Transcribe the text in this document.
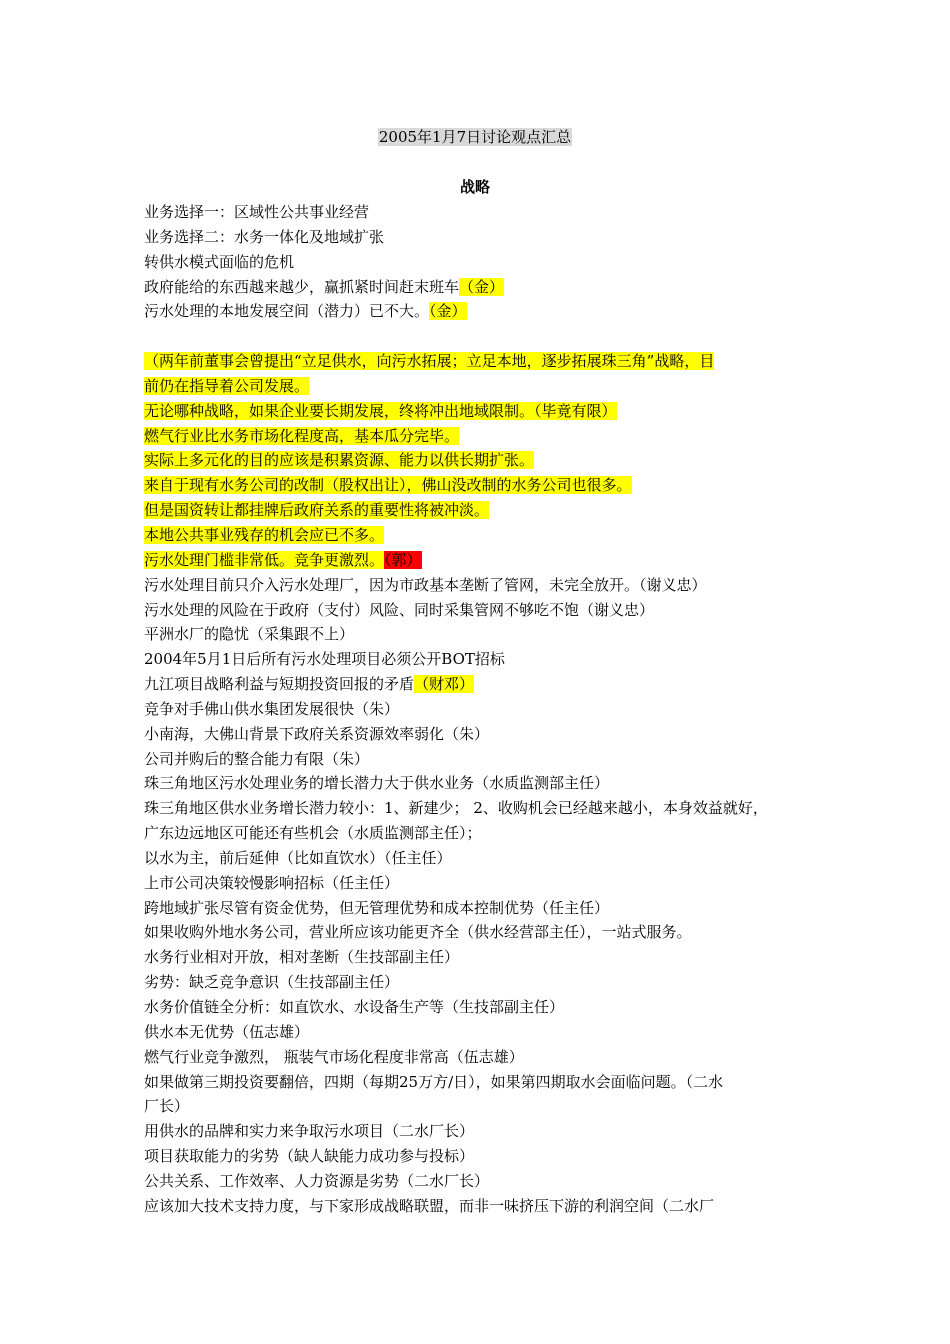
2005年1月7日讨论观点汇总
战略
业务选择一：区域性公共事业经营
业务选择二：水务一体化及地域扩张
转供水模式面临的危机
政府能给的东西越来越少，赢抓紧时间赶末班车（金）
污水处理的本地发展空间（潜力）已不大。（金）
（两年前董事会曾提出“立足供水，向污水拓展；立足本地，逐步拓展珠三角”战略，目
前仍在指导着公司发展。
无论哪种战略，如果企业要长期发展，终将冲出地域限制。（毕竟有限）
燃气行业比水务市场化程度高，基本瓜分完毕。
实际上多元化的目的应该是积累资源、能力以供长期扩张。
来自于现有水务公司的改制（股权出让），佛山没改制的水务公司也很多。
但是国资转让都挂牌后政府关系的重要性将被冲淡。
本地公共事业残存的机会应已不多。
污水处理门槛非常低。竞争更激烈。（郭）
污水处理目前只介入污水处理厂，因为市政基本垄断了管网，未完全放开。（谢义忠）
污水处理的风险在于政府（支付）风险、同时采集管网不够吃不饱（谢义忠）
平洲水厂的隐忧（采集跟不上）
2004年5月1日后所有污水处理项目必须公开BOT招标
九江项目战略利益与短期投资回报的矛盾（财邓）
竞争对手佛山供水集团发展很快（朱）
小南海，大佛山背景下政府关系资源效率弱化（朱）
公司并购后的整合能力有限（朱）
珠三角地区污水处理业务的增长潜力大于供水业务（水质监测部主任）
珠三角地区供水业务增长潜力较小：1、新建少； 2、收购机会已经越来越小，本身效益就好，
广东边远地区可能还有些机会（水质监测部主任）；
以水为主，前后延伸（比如直饮水）（任主任）
上市公司决策较慢影响招标（任主任）
跨地域扩张尽管有资金优势，但无管理优势和成本控制优势（任主任）
如果收购外地水务公司，营业所应该功能更齐全（供水经营部主任），一站式服务。
水务行业相对开放，相对垄断（生技部副主任）
劣势：缺乏竞争意识（生技部副主任）
水务价值链全分析：如直饮水、水设备生产等（生技部副主任）
供水本无优势（伍志雄）
燃气行业竞争激烈， 瓶装气市场化程度非常高（伍志雄）
如果做第三期投资要翻倍，四期（每期25万方/日），如果第四期取水会面临问题。（二水
厂长）
用供水的品牌和实力来争取污水项目（二水厂长）
项目获取能力的劣势（缺人缺能力成功参与投标）
公共关系、工作效率、人力资源是劣势（二水厂长）
应该加大技术支持力度，与下家形成战略联盟，而非一味挤压下游的利润空间（二水厂
